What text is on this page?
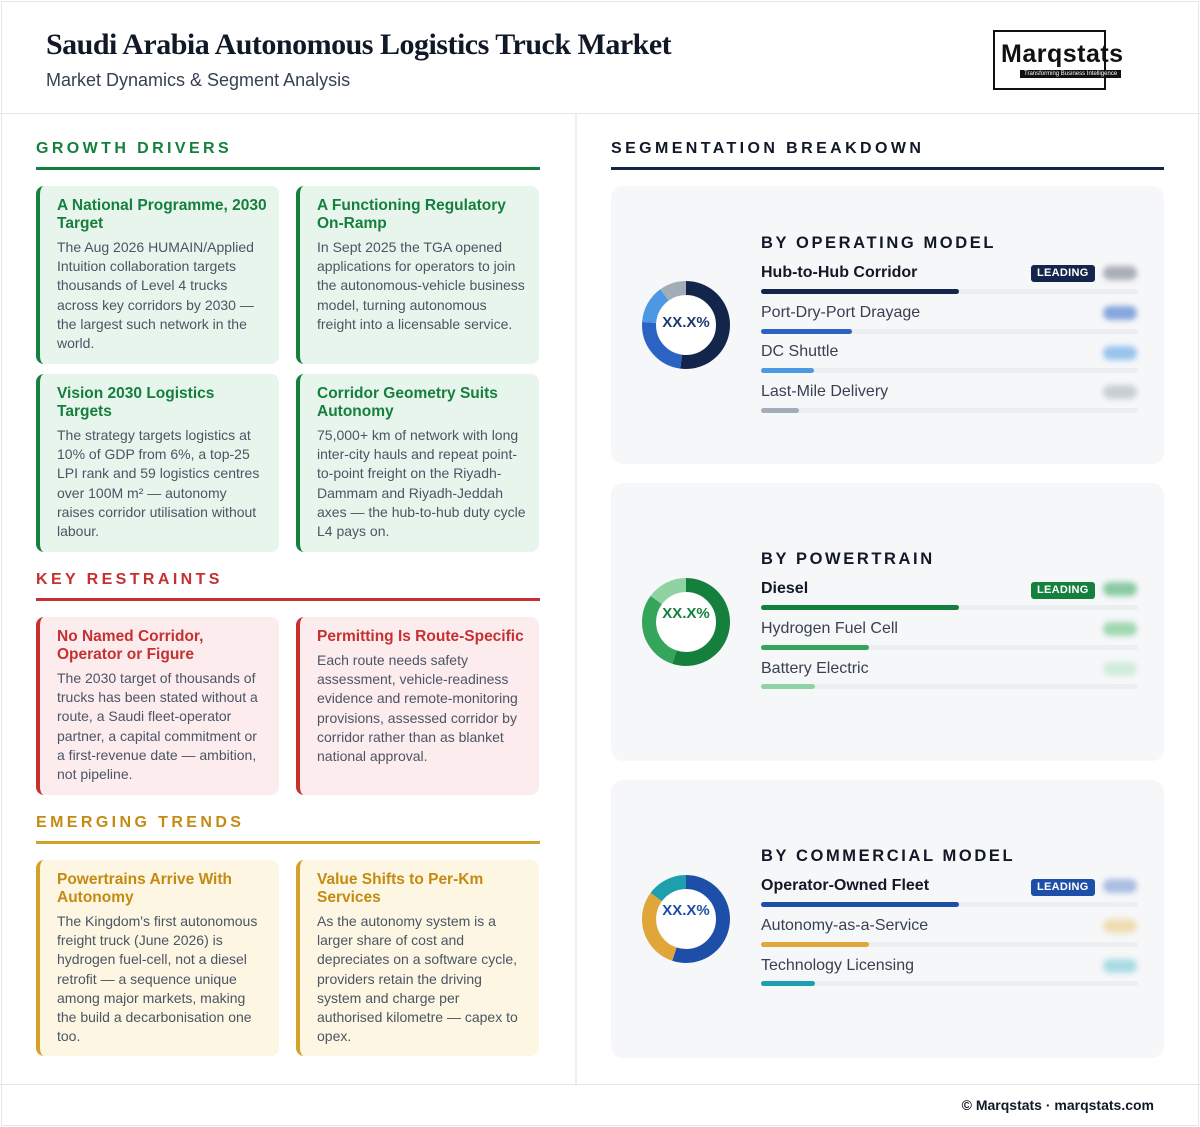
Saudi Arabia Autonomous Logistics Truck Market
Market Dynamics & Segment Analysis
Marqstats
Transforming Business Intelligence
GROWTH DRIVERS
A National Programme, 2030 Target
The Aug 2026 HUMAIN/Applied Intuition collaboration targets thousands of Level 4 trucks across key corridors by 2030 — the largest such network in the world.
A Functioning Regulatory On-Ramp
In Sept 2025 the TGA opened applications for operators to join the autonomous-vehicle business model, turning autonomous freight into a licensable service.
Vision 2030 Logistics Targets
The strategy targets logistics at 10% of GDP from 6%, a top-25 LPI rank and 59 logistics centres over 100M m² — autonomy raises corridor utilisation without labour.
Corridor Geometry Suits Autonomy
75,000+ km of network with long inter-city hauls and repeat point-to-point freight on the Riyadh-Dammam and Riyadh-Jeddah axes — the hub-to-hub duty cycle L4 pays on.
KEY RESTRAINTS
No Named Corridor, Operator or Figure
The 2030 target of thousands of trucks has been stated without a route, a Saudi fleet-operator partner, a capital commitment or a first-revenue date — ambition, not pipeline.
Permitting Is Route-Specific
Each route needs safety assessment, vehicle-readiness evidence and remote-monitoring provisions, assessed corridor by corridor rather than as blanket national approval.
EMERGING TRENDS
Powertrains Arrive With Autonomy
The Kingdom's first autonomous freight truck (June 2026) is hydrogen fuel-cell, not a diesel retrofit — a sequence unique among major markets, making the build a decarbonisation one too.
Value Shifts to Per-Km Services
As the autonomy system is a larger share of cost and depreciates on a software cycle, providers retain the driving system and charge per authorised kilometre — capex to opex.
SEGMENTATION BREAKDOWN
BY OPERATING MODEL
XX.X%
Hub-to-Hub Corridor	LEADING
Port-Dry-Port Drayage
DC Shuttle
Last-Mile Delivery
BY POWERTRAIN
XX.X%
Diesel	LEADING
Hydrogen Fuel Cell
Battery Electric
BY COMMERCIAL MODEL
XX.X%
Operator-Owned Fleet	LEADING
Autonomy-as-a-Service
Technology Licensing
© Marqstats · marqstats.com
